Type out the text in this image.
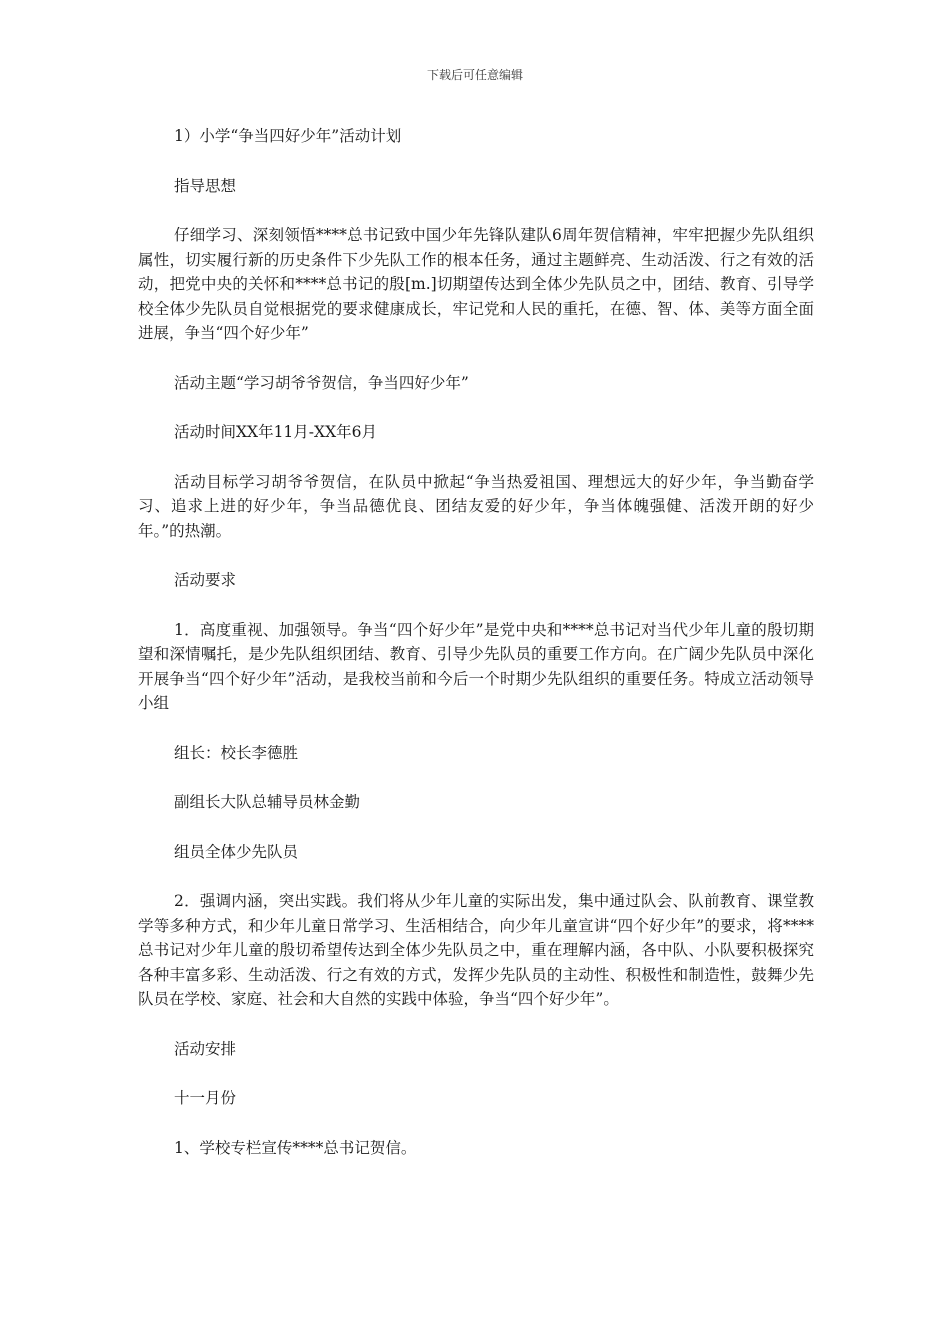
下载后可任意编辑

1）小学“争当四好少年”活动计划

指导思想

仔细学习、深刻领悟****总书记致中国少年先锋队建队6周年贺信精神，牢牢把握少先队组织属性，切实履行新的历史条件下少先队工作的根本任务，通过主题鲜亮、生动活泼、行之有效的活动，把党中央的关怀和****总书记的殷[m.]切期望传达到全体少先队员之中，团结、教育、引导学校全体少先队员自觉根据党的要求健康成长，牢记党和人民的重托，在德、智、体、美等方面全面进展，争当“四个好少年”

活动主题“学习胡爷爷贺信，争当四好少年”

活动时间XX年11月-XX年6月

活动目标学习胡爷爷贺信，在队员中掀起“争当热爱祖国、理想远大的好少年，争当勤奋学习、追求上进的好少年，争当品德优良、团结友爱的好少年，争当体魄强健、活泼开朗的好少年。”的热潮。

活动要求

1．高度重视、加强领导。争当“四个好少年”是党中央和****总书记对当代少年儿童的殷切期望和深情嘱托，是少先队组织团结、教育、引导少先队员的重要工作方向。在广阔少先队员中深化开展争当“四个好少年”活动，是我校当前和今后一个时期少先队组织的重要任务。特成立活动领导小组

组长：校长李德胜

副组长大队总辅导员林金勤

组员全体少先队员

2．强调内涵，突出实践。我们将从少年儿童的实际出发，集中通过队会、队前教育、课堂教学等多种方式，和少年儿童日常学习、生活相结合，向少年儿童宣讲“四个好少年”的要求，将****总书记对少年儿童的殷切希望传达到全体少先队员之中，重在理解内涵，各中队、小队要积极探究各种丰富多彩、生动活泼、行之有效的方式，发挥少先队员的主动性、积极性和制造性，鼓舞少先队员在学校、家庭、社会和大自然的实践中体验，争当“四个好少年”。

活动安排

十一月份

1、学校专栏宣传****总书记贺信。
